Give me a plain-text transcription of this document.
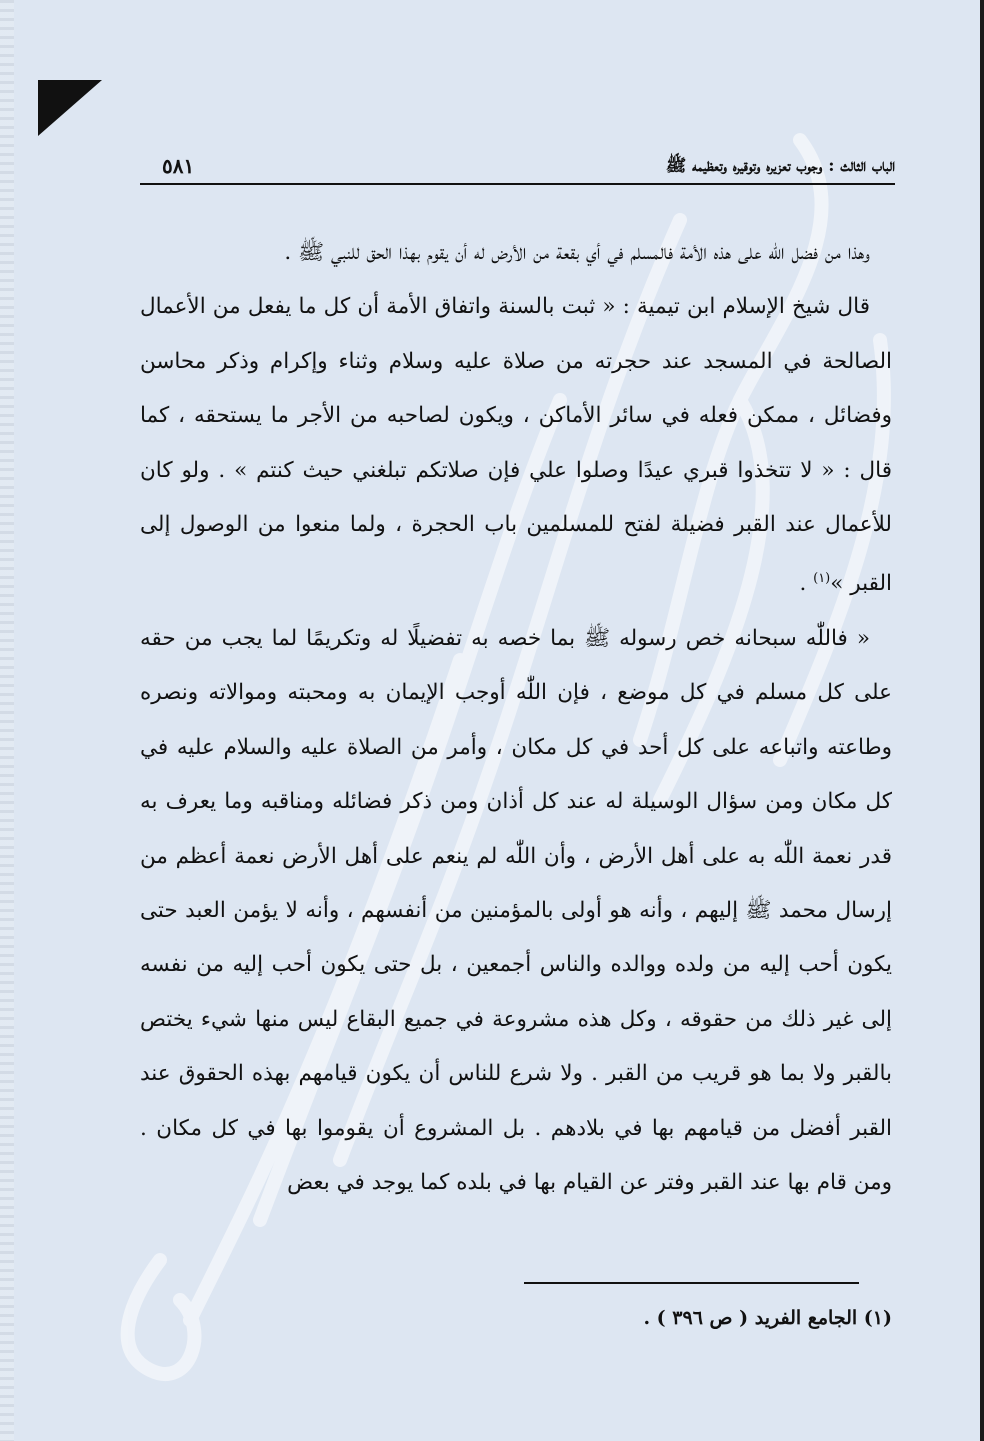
الباب الثالث : وجوب تعزيره وتوقيره وتعظيمه ﷺ
٥٨١

وهذا من فضل اللّٰه على هذه الأمة فالمسلم في أي بقعة من الأرض له أن يقوم بهذا الحق للنبي ﷺ .

قال شيخ الإسلام ابن تيمية : « ثبت بالسنة واتفاق الأمة أن كل ما يفعل من الأعمال الصالحة في المسجد عند حجرته من صلاة عليه وسلام وثناء وإكرام وذكر محاسن وفضائل ، ممكن فعله في سائر الأماكن ، ويكون لصاحبه من الأجر ما يستحقه ، كما قال : « لا تتخذوا قبري عيدًا وصلوا علي فإن صلاتكم تبلغني حيث كنتم » . ولو كان للأعمال عند القبر فضيلة لفتح للمسلمين باب الحجرة ، ولما منعوا من الوصول إلى القبر »$^{(١)}$ .

« فاللّٰه سبحانه خص رسوله ﷺ بما خصه به تفضيلًا له وتكريمًا لما يجب من حقه على كل مسلم في كل موضع ، فإن اللّٰه أوجب الإيمان به ومحبته وموالاته ونصره وطاعته واتباعه على كل أحد في كل مكان ، وأمر من الصلاة عليه والسلام عليه في كل مكان ومن سؤال الوسيلة له عند كل أذان ومن ذكر فضائله ومناقبه وما يعرف به قدر نعمة اللّٰه به على أهل الأرض ، وأن اللّٰه لم ينعم على أهل الأرض نعمة أعظم من إرسال محمد ﷺ إليهم ، وأنه هو أولى بالمؤمنين من أنفسهم ، وأنه لا يؤمن العبد حتى يكون أحب إليه من ولده ووالده والناس أجمعين ، بل حتى يكون أحب إليه من نفسه إلى غير ذلك من حقوقه ، وكل هذه مشروعة في جميع البقاع ليس منها شيء يختص بالقبر ولا بما هو قريب من القبر . ولا شرع للناس أن يكون قيامهم بهذه الحقوق عند القبر أفضل من قيامهم بها في بلادهم . بل المشروع أن يقوموا بها في كل مكان . ومن قام بها عند القبر وفتر عن القيام بها في بلده كما يوجد في بعض

(١) الجامع الفريد ( ص ٣٩٦ ) .
